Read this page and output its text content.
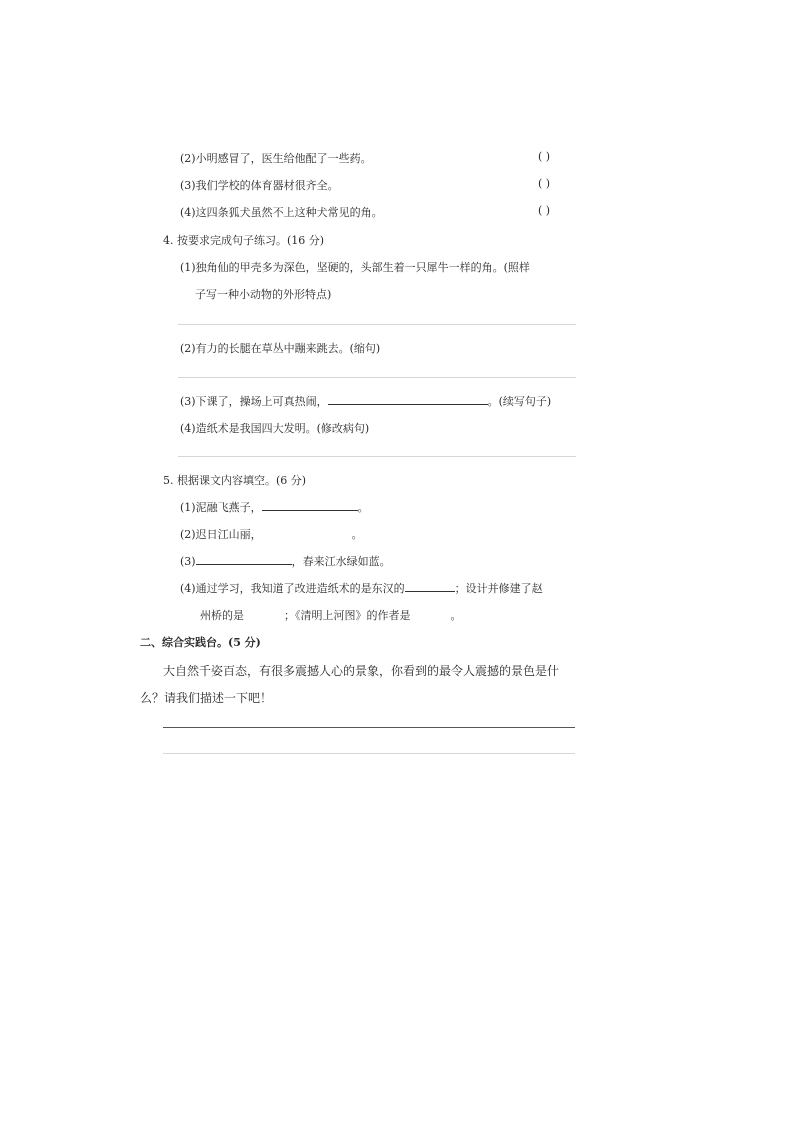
(2)小明感冒了，医生给他配了一些药。	( )
(3)我们学校的体育器材很齐全。	( )
(4)这四条狐犬虽然不上这种犬常见的角。	( )
4. 按要求完成句子练习。(16 分)
(1)独角仙的甲壳多为深色，坚硬的，头部生着一只犀牛一样的角。(照样
子写一种小动物的外形特点)
(2)有力的长腿在草丛中蹦来跳去。(缩句)
(3)下课了，操场上可真热闹，	。(续写句子)
(4)造纸术是我国四大发明。(修改病句)
5. 根据课文内容填空。(6 分)
(1)泥融飞燕子，	。
(2)迟日江山丽，	。
(3)	，春来江水绿如蓝。
(4)通过学习，我知道了改进造纸术的是东汉的	；设计并修建了赵
州桥的是	；《清明上河图》的作者是	。
二、综合实践台。(5 分)
大自然千姿百态，有很多震撼人心的景象，你看到的最令人震撼的景色是什
么？请我们描述一下吧！
